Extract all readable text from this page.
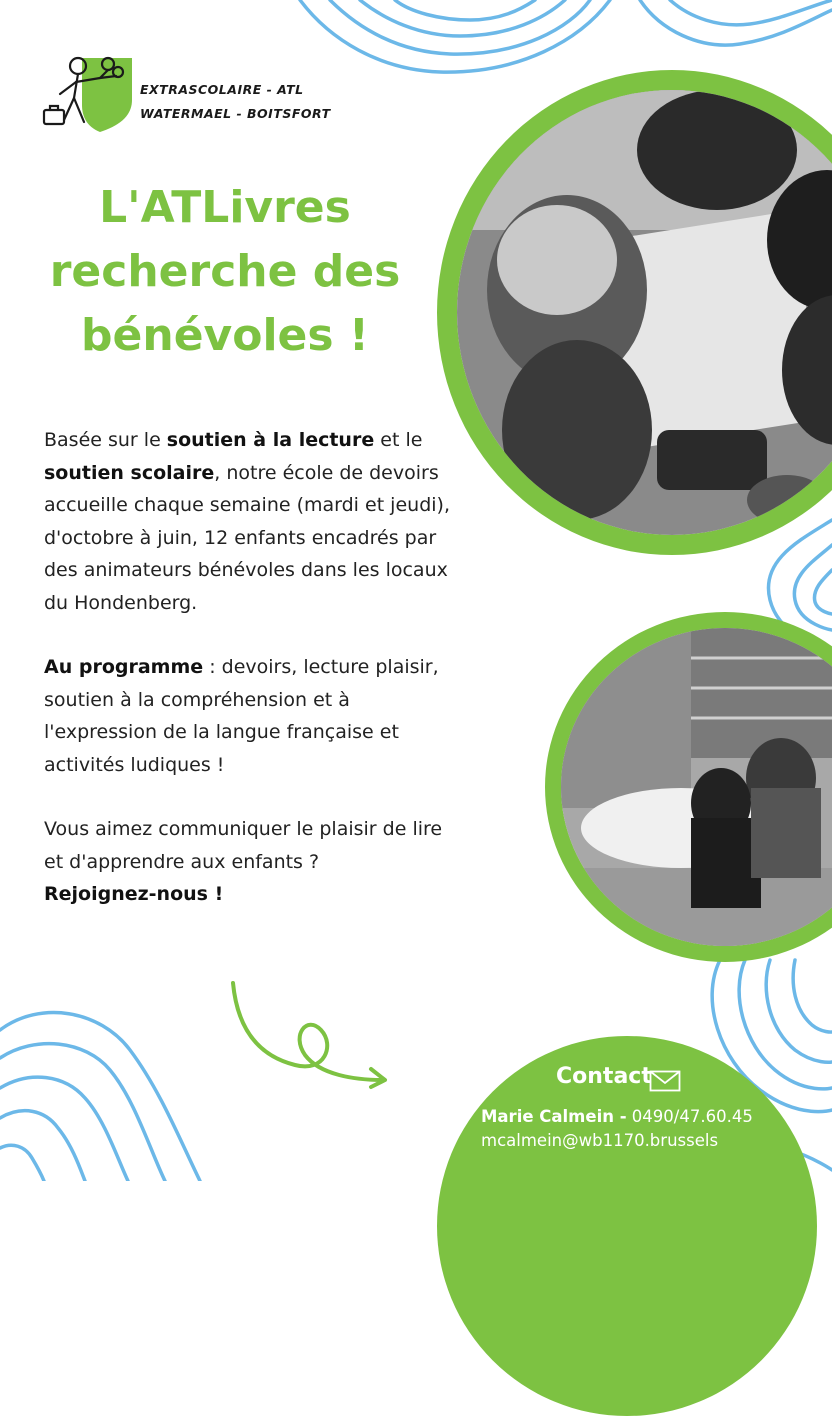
EXTRASCOLAIRE - ATL
WATERMAEL - BOITSFORT
L'ATLivres
recherche des
bénévoles !

Basée sur le soutien à la lecture et le soutien scolaire, notre école de devoirs accueille chaque semaine (mardi et jeudi), d'octobre à juin, 12 enfants encadrés par des animateurs bénévoles dans les locaux du Hondenberg.

Au programme : devoirs, lecture plaisir, soutien à la compréhension et à l'expression de la langue française et activités ludiques !

Vous aimez communiquer le plaisir de lire et d'apprendre aux enfants ?
Rejoignez-nous !

Contact
Marie Calmein - 0490/47.60.45
mcalmein@wb1170.brussels
